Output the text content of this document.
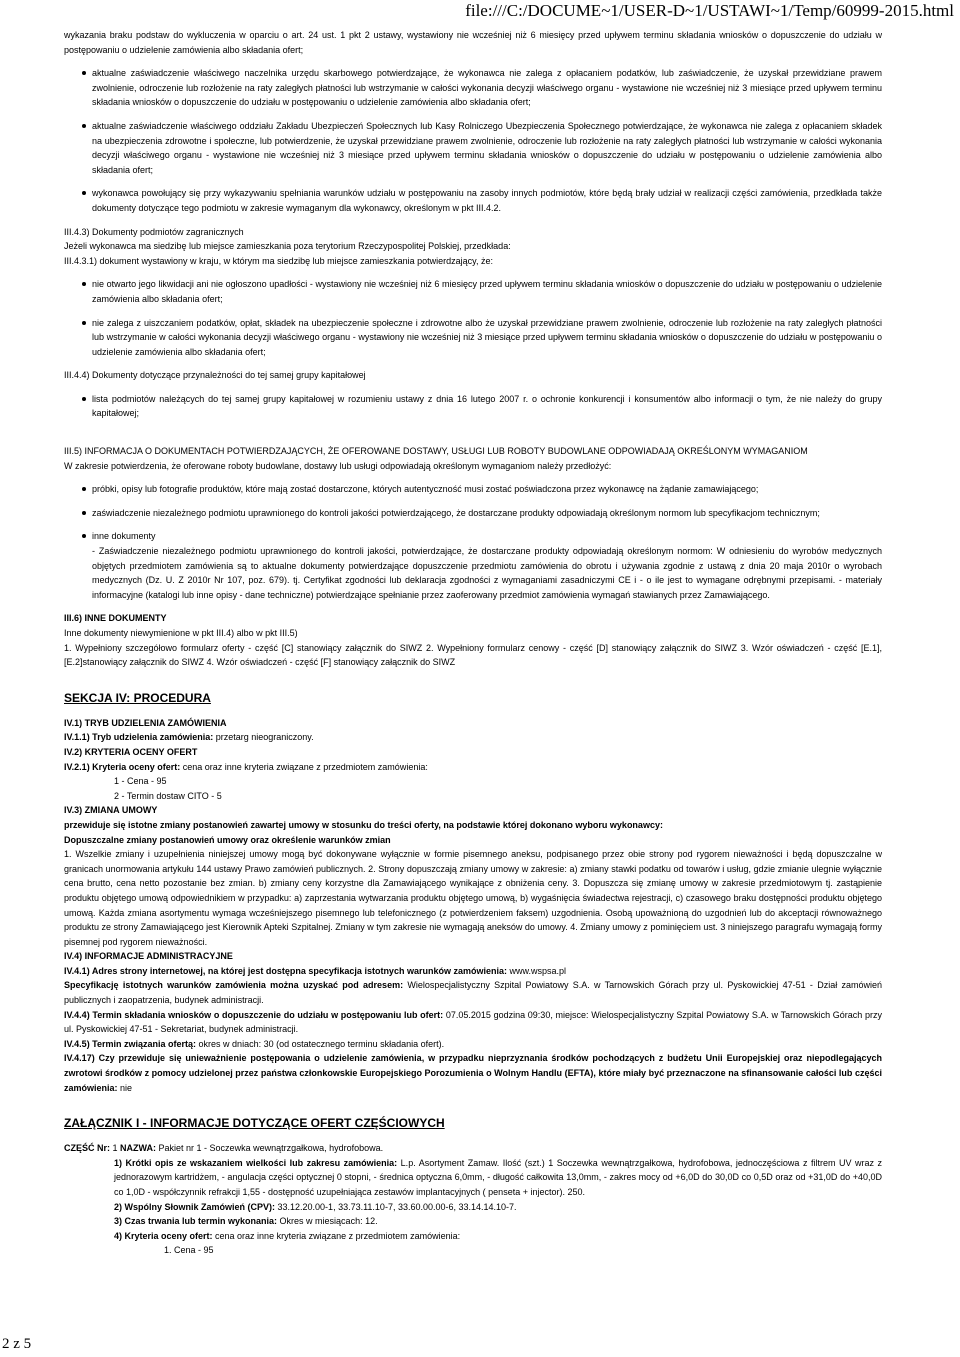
file:///C:/DOCUME~1/USER-D~1/USTAWI~1/Temp/60999-2015.html

wykazania braku podstaw do wykluczenia w oparciu o art. 24 ust. 1 pkt 2 ustawy, wystawiony nie wcześniej niż 6 miesięcy przed upływem terminu składania wniosków o dopuszczenie do udziału w postępowaniu o udzielenie zamówienia albo składania ofert;

aktualne zaświadczenie właściwego naczelnika urzędu skarbowego potwierdzające, że wykonawca nie zalega z opłacaniem podatków, lub zaświadczenie, że uzyskał przewidziane prawem zwolnienie, odroczenie lub rozłożenie na raty zaległych płatności lub wstrzymanie w całości wykonania decyzji właściwego organu - wystawione nie wcześniej niż 3 miesiące przed upływem terminu składania wniosków o dopuszczenie do udziału w postępowaniu o udzielenie zamówienia albo składania ofert;
aktualne zaświadczenie właściwego oddziału Zakładu Ubezpieczeń Społecznych lub Kasy Rolniczego Ubezpieczenia Społecznego potwierdzające, że wykonawca nie zalega z opłacaniem składek na ubezpieczenia zdrowotne i społeczne, lub potwierdzenie, że uzyskał przewidziane prawem zwolnienie, odroczenie lub rozłożenie na raty zaległych płatności lub wstrzymanie w całości wykonania decyzji właściwego organu - wystawione nie wcześniej niż 3 miesiące przed upływem terminu składania wniosków o dopuszczenie do udziału w postępowaniu o udzielenie zamówienia albo składania ofert;
wykonawca powołujący się przy wykazywaniu spełniania warunków udziału w postępowaniu na zasoby innych podmiotów, które będą brały udział w realizacji części zamówienia, przedkłada także dokumenty dotyczące tego podmiotu w zakresie wymaganym dla wykonawcy, określonym w pkt III.4.2.

III.4.3) Dokumenty podmiotów zagranicznych

Jeżeli wykonawca ma siedzibę lub miejsce zamieszkania poza terytorium Rzeczypospolitej Polskiej, przedkłada:

III.4.3.1) dokument wystawiony w kraju, w którym ma siedzibę lub miejsce zamieszkania potwierdzający, że:

nie otwarto jego likwidacji ani nie ogłoszono upadłości - wystawiony nie wcześniej niż 6 miesięcy przed upływem terminu składania wniosków o dopuszczenie do udziału w postępowaniu o udzielenie zamówienia albo składania ofert;
nie zalega z uiszczaniem podatków, opłat, składek na ubezpieczenie społeczne i zdrowotne albo że uzyskał przewidziane prawem zwolnienie, odroczenie lub rozłożenie na raty zaległych płatności lub wstrzymanie w całości wykonania decyzji właściwego organu - wystawiony nie wcześniej niż 3 miesiące przed upływem terminu składania wniosków o dopuszczenie do udziału w postępowaniu o udzielenie zamówienia albo składania ofert;

III.4.4) Dokumenty dotyczące przynależności do tej samej grupy kapitałowej

lista podmiotów należących do tej samej grupy kapitałowej w rozumieniu ustawy z dnia 16 lutego 2007 r. o ochronie konkurencji i konsumentów albo informacji o tym, że nie należy do grupy kapitałowej;

III.5) INFORMACJA O DOKUMENTACH POTWIERDZAJĄCYCH, ŻE OFEROWANE DOSTAWY, USŁUGI LUB ROBOTY BUDOWLANE ODPOWIADAJĄ OKREŚLONYM WYMAGANIOM

W zakresie potwierdzenia, że oferowane roboty budowlane, dostawy lub usługi odpowiadają określonym wymaganiom należy przedłożyć:

próbki, opisy lub fotografie produktów, które mają zostać dostarczone, których autentyczność musi zostać poświadczona przez wykonawcę na żądanie zamawiającego;
zaświadczenie niezależnego podmiotu uprawnionego do kontroli jakości potwierdzającego, że dostarczane produkty odpowiadają określonym normom lub specyfikacjom technicznym;
inne dokumenty
- Zaświadczenie niezależnego podmiotu uprawnionego do kontroli jakości, potwierdzające, że dostarczane produkty odpowiadają określonym normom: W odniesieniu do wyrobów medycznych objętych przedmiotem zamówienia są to aktualne dokumenty potwierdzające dopuszczenie przedmiotu zamówienia do obrotu i używania zgodnie z ustawą z dnia 20 maja 2010r o wyrobach medycznych (Dz. U. Z 2010r Nr 107, poz. 679). tj. Certyfikat zgodności lub deklaracja zgodności z wymaganiami zasadniczymi CE i - o ile jest to wymagane odrębnymi przepisami. - materiały informacyjne (katalogi lub inne opisy - dane techniczne) potwierdzające spełnianie przez zaoferowany przedmiot zamówienia wymagań stawianych przez Zamawiającego.

III.6) INNE DOKUMENTY

Inne dokumenty niewymienione w pkt III.4) albo w pkt III.5)

1. Wypełniony szczegółowo formularz oferty - część [C] stanowiący załącznik do SIWZ 2. Wypełniony formularz cenowy - część [D] stanowiący załącznik do SIWZ 3. Wzór oświadczeń - część [E.1], [E.2]stanowiący załącznik do SIWZ 4. Wzór oświadczeń - część [F] stanowiący załącznik do SIWZ

SEKCJA IV: PROCEDURA

IV.1) TRYB UDZIELENIA ZAMÓWIENIA
IV.1.1) Tryb udzielenia zamówienia: przetarg nieograniczony.
IV.2) KRYTERIA OCENY OFERT
IV.2.1) Kryteria oceny ofert: cena oraz inne kryteria związane z przedmiotem zamówienia:
1 - Cena - 95
2 - Termin dostaw CITO - 5
IV.3) ZMIANA UMOWY
przewiduje się istotne zmiany postanowień zawartej umowy w stosunku do treści oferty, na podstawie której dokonano wyboru wykonawcy:
Dopuszczalne zmiany postanowień umowy oraz określenie warunków zmian
1. Wszelkie zmiany i uzupełnienia niniejszej umowy mogą być dokonywane wyłącznie w formie pisemnego aneksu, podpisanego przez obie strony pod rygorem nieważności i będą dopuszczalne w granicach unormowania artykułu 144 ustawy Prawo zamówień publicznych. 2. Strony dopuszczają zmiany umowy w zakresie: a) zmiany stawki podatku od towarów i usług, gdzie zmianie ulegnie wyłącznie cena brutto, cena netto pozostanie bez zmian. b) zmiany ceny korzystne dla Zamawiającego wynikające z obniżenia ceny. 3. Dopuszcza się zmianę umowy w zakresie przedmiotowym tj. zastąpienie produktu objętego umową odpowiednikiem w przypadku: a) zaprzestania wytwarzania produktu objętego umową, b) wygaśnięcia świadectwa rejestracji, c) czasowego braku dostępności produktu objętego umową. Każda zmiana asortymentu wymaga wcześniejszego pisemnego lub telefonicznego (z potwierdzeniem faksem) uzgodnienia. Osobą upoważnioną do uzgodnień lub do akceptacji równoważnego produktu ze strony Zamawiającego jest Kierownik Apteki Szpitalnej. Zmiany w tym zakresie nie wymagają aneksów do umowy. 4. Zmiany umowy z pominięciem ust. 3 niniejszego paragrafu wymagają formy pisemnej pod rygorem nieważności.
IV.4) INFORMACJE ADMINISTRACYJNE
IV.4.1) Adres strony internetowej, na której jest dostępna specyfikacja istotnych warunków zamówienia: www.wspsa.pl
Specyfikację istotnych warunków zamówienia można uzyskać pod adresem: Wielospecjalistyczny Szpital Powiatowy S.A. w Tarnowskich Górach przy ul. Pyskowickiej 47-51 - Dział zamówień publicznych i zaopatrzenia, budynek administracji.
IV.4.4) Termin składania wniosków o dopuszczenie do udziału w postępowaniu lub ofert: 07.05.2015 godzina 09:30, miejsce: Wielospecjalistyczny Szpital Powiatowy S.A. w Tarnowskich Górach przy ul. Pyskowickiej 47-51 - Sekretariat, budynek administracji.
IV.4.5) Termin związania ofertą: okres w dniach: 30 (od ostatecznego terminu składania ofert).
IV.4.17) Czy przewiduje się unieważnienie postępowania o udzielenie zamówienia, w przypadku nieprzyznania środków pochodzących z budżetu Unii Europejskiej oraz niepodlegających zwrotowi środków z pomocy udzielonej przez państwa członkowskie Europejskiego Porozumienia o Wolnym Handlu (EFTA), które miały być przeznaczone na sfinansowanie całości lub części zamówienia: nie

ZAŁĄCZNIK I - INFORMACJE DOTYCZĄCE OFERT CZĘŚCIOWYCH

CZĘŚĆ Nr: 1 NAZWA: Pakiet nr 1 - Soczewka wewnątrzgałkowa, hydrofobowa.
1) Krótki opis ze wskazaniem wielkości lub zakresu zamówienia: L.p. Asortyment Zamaw. Ilość (szt.) 1 Soczewka wewnątrzgałkowa, hydrofobowa, jednoczęściowa z filtrem UV wraz z jednorazowym kartridżem, - angulacja części optycznej 0 stopni, - średnica optyczna 6,0mm, - długość całkowita 13,0mm, - zakres mocy od +6,0D do 30,0D co 0,5D oraz od +31,0D do +40,0D co 1,0D - współczynnik refrakcji 1,55 - dostępność uzupełniająca zestawów implantacyjnych ( penseta + injector). 250.
2) Wspólny Słownik Zamówień (CPV): 33.12.20.00-1, 33.73.11.10-7, 33.60.00.00-6, 33.14.14.10-7.
3) Czas trwania lub termin wykonania: Okres w miesiącach: 12.
4) Kryteria oceny ofert: cena oraz inne kryteria związane z przedmiotem zamówienia:
1. Cena - 95
2 z 5
